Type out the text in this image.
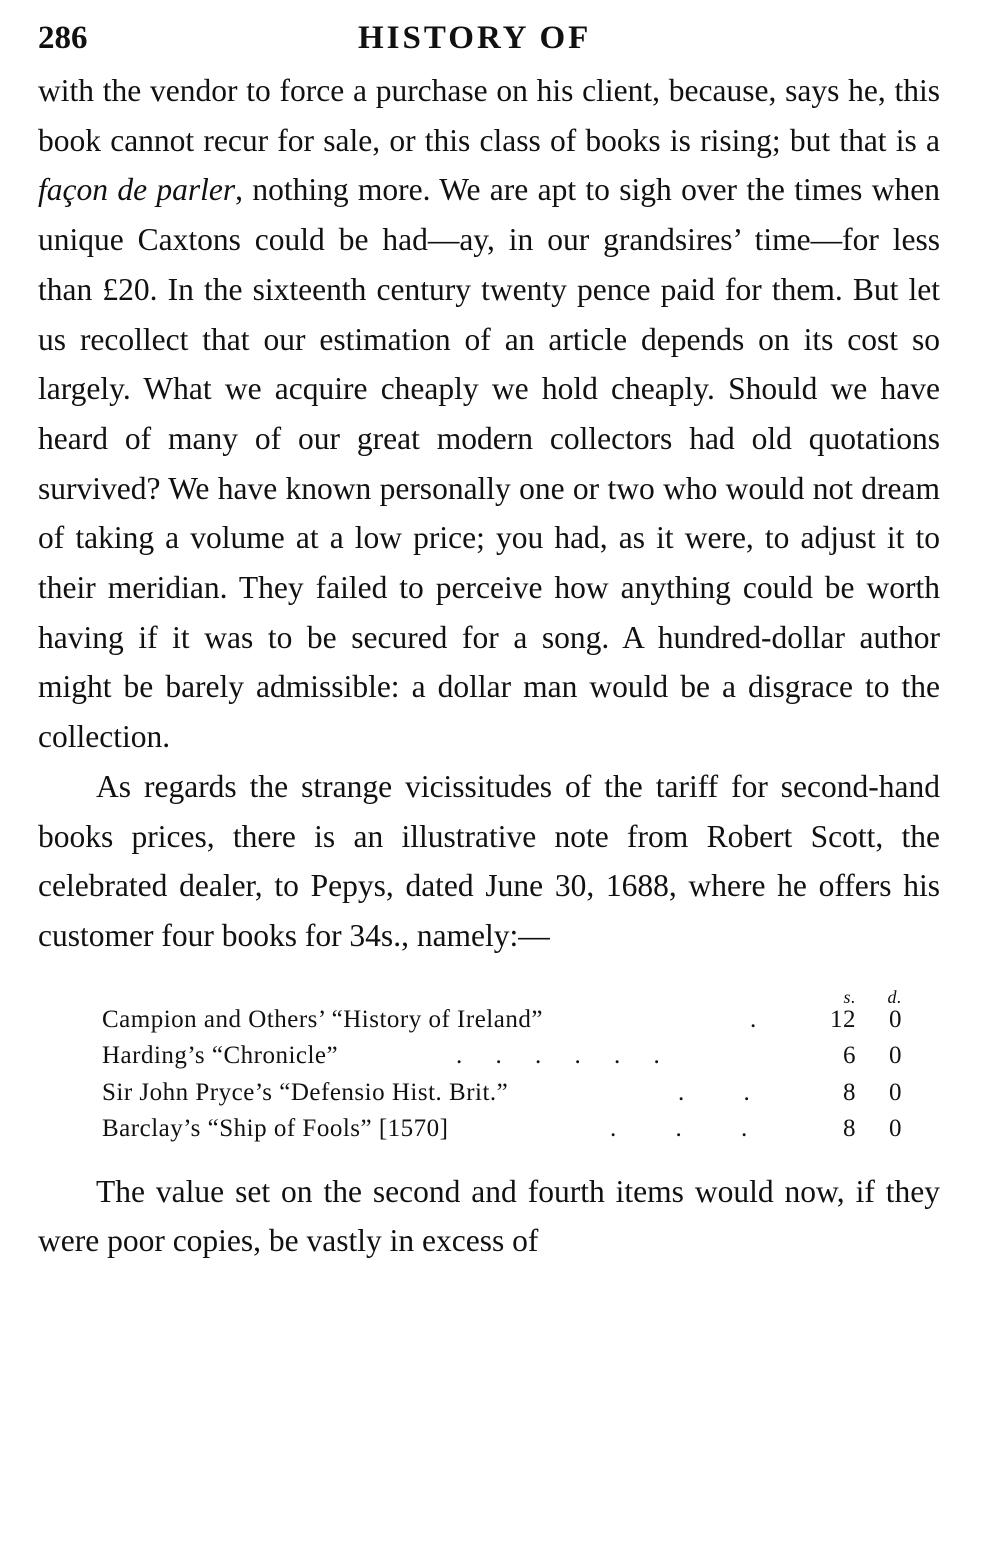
286	HISTORY OF

with the vendor to force a purchase on his client, because, says he, this book cannot recur for sale, or this class of books is rising; but that is a façon de parler, nothing more. We are apt to sigh over the times when unique Caxtons could be had—ay, in our grandsires’ time—for less than £20. In the sixteenth century twenty pence paid for them. But let us recollect that our estimation of an article depends on its cost so largely. What we acquire cheaply we hold cheaply. Should we have heard of many of our great modern collectors had old quotations survived? We have known personally one or two who would not dream of taking a volume at a low price; you had, as it were, to adjust it to their meridian. They failed to perceive how anything could be worth having if it was to be secured for a song. A hundred-dollar author might be barely admissible: a dollar man would be a disgrace to the collection.

As regards the strange vicissitudes of the tariff for second-hand books prices, there is an illustrative note from Robert Scott, the celebrated dealer, to Pepys, dated June 30, 1688, where he offers his customer four books for 34s., namely:—

s.	d.
Campion and Others’ “History of Ireland”	.	12	0
Harding’s “Chronicle”	. . . . . .	6	0
Sir John Pryce’s “Defensio Hist. Brit.”	. .	8	0
Barclay’s “Ship of Fools” [1570]	. . .	8	0

The value set on the second and fourth items would now, if they were poor copies, be vastly in excess of
